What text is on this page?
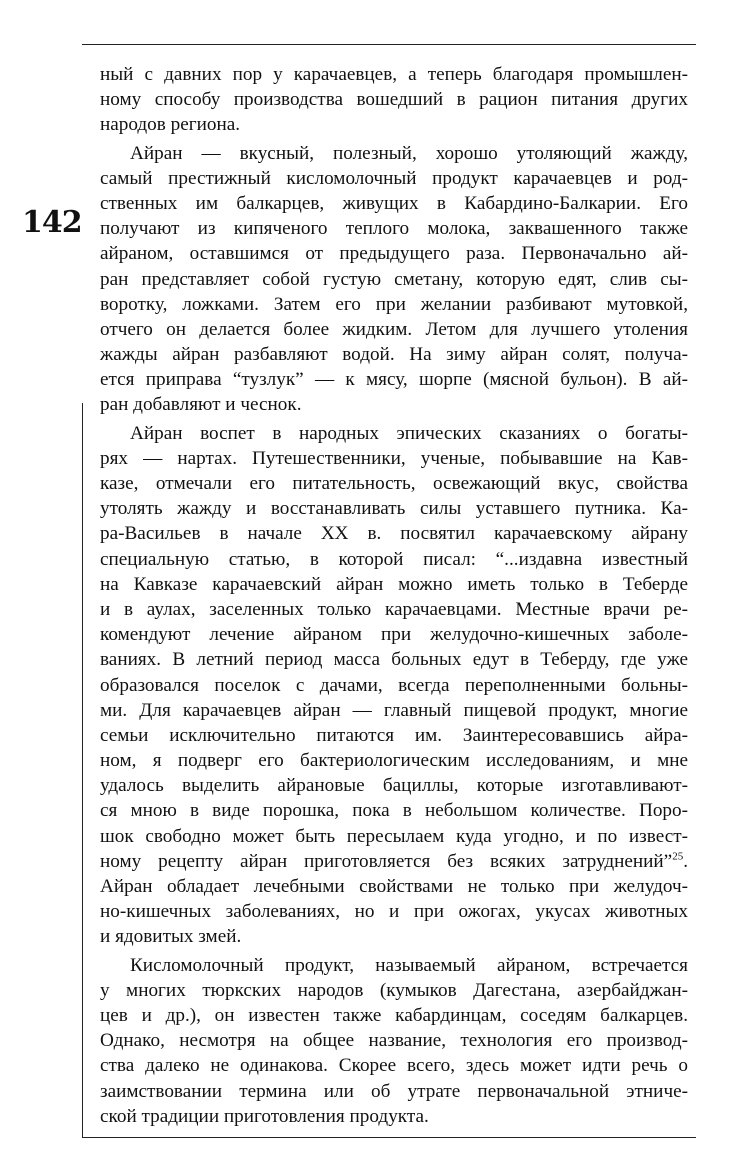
142
ный с давних пор у карачаевцев, а теперь благодаря промышлен-
ному способу производства вошедший в рацион питания других
народов региона.
Айран — вкусный, полезный, хорошо утоляющий жажду,
самый престижный кисломолочный продукт карачаевцев и род-
ственных им балкарцев, живущих в Кабардино-Балкарии. Его
получают из кипяченого теплого молока, заквашенного также
айраном, оставшимся от предыдущего раза. Первоначально ай-
ран представляет собой густую сметану, которую едят, слив сы-
воротку, ложками. Затем его при желании разбивают мутовкой,
отчего он делается более жидким. Летом для лучшего утоления
жажды айран разбавляют водой. На зиму айран солят, получа-
ется приправа “тузлук” — к мясу, шорпе (мясной бульон). В ай-
ран добавляют и чеснок.
Айран воспет в народных эпических сказаниях о богаты-
рях — нартах. Путешественники, ученые, побывавшие на Кав-
казе, отмечали его питательность, освежающий вкус, свойства
утолять жажду и восстанавливать силы уставшего путника. Ка-
ра-Васильев в начале XX в. посвятил карачаевскому айрану
специальную статью, в которой писал: “...издавна известный
на Кавказе карачаевский айран можно иметь только в Теберде
и в аулах, заселенных только карачаевцами. Местные врачи ре-
комендуют лечение айраном при желудочно-кишечных заболе-
ваниях. В летний период масса больных едут в Теберду, где уже
образовался поселок с дачами, всегда переполненными больны-
ми. Для карачаевцев айран — главный пищевой продукт, многие
семьи исключительно питаются им. Заинтересовавшись айра-
ном, я подверг его бактериологическим исследованиям, и мне
удалось выделить айрановые бациллы, которые изготавливают-
ся мною в виде порошка, пока в небольшом количестве. Поро-
шок свободно может быть пересылаем куда угодно, и по извест-
ному рецепту айран приготовляется без всяких затруднений”$^{25}$.
Айран обладает лечебными свойствами не только при желудоч-
но-кишечных заболеваниях, но и при ожогах, укусах животных
и ядовитых змей.
Кисломолочный продукт, называемый айраном, встречается
у многих тюркских народов (кумыков Дагестана, азербайджан-
цев и др.), он известен также кабардинцам, соседям балкарцев.
Однако, несмотря на общее название, технология его производ-
ства далеко не одинакова. Скорее всего, здесь может идти речь о
заимствовании термина или об утрате первоначальной этниче-
ской традиции приготовления продукта.
